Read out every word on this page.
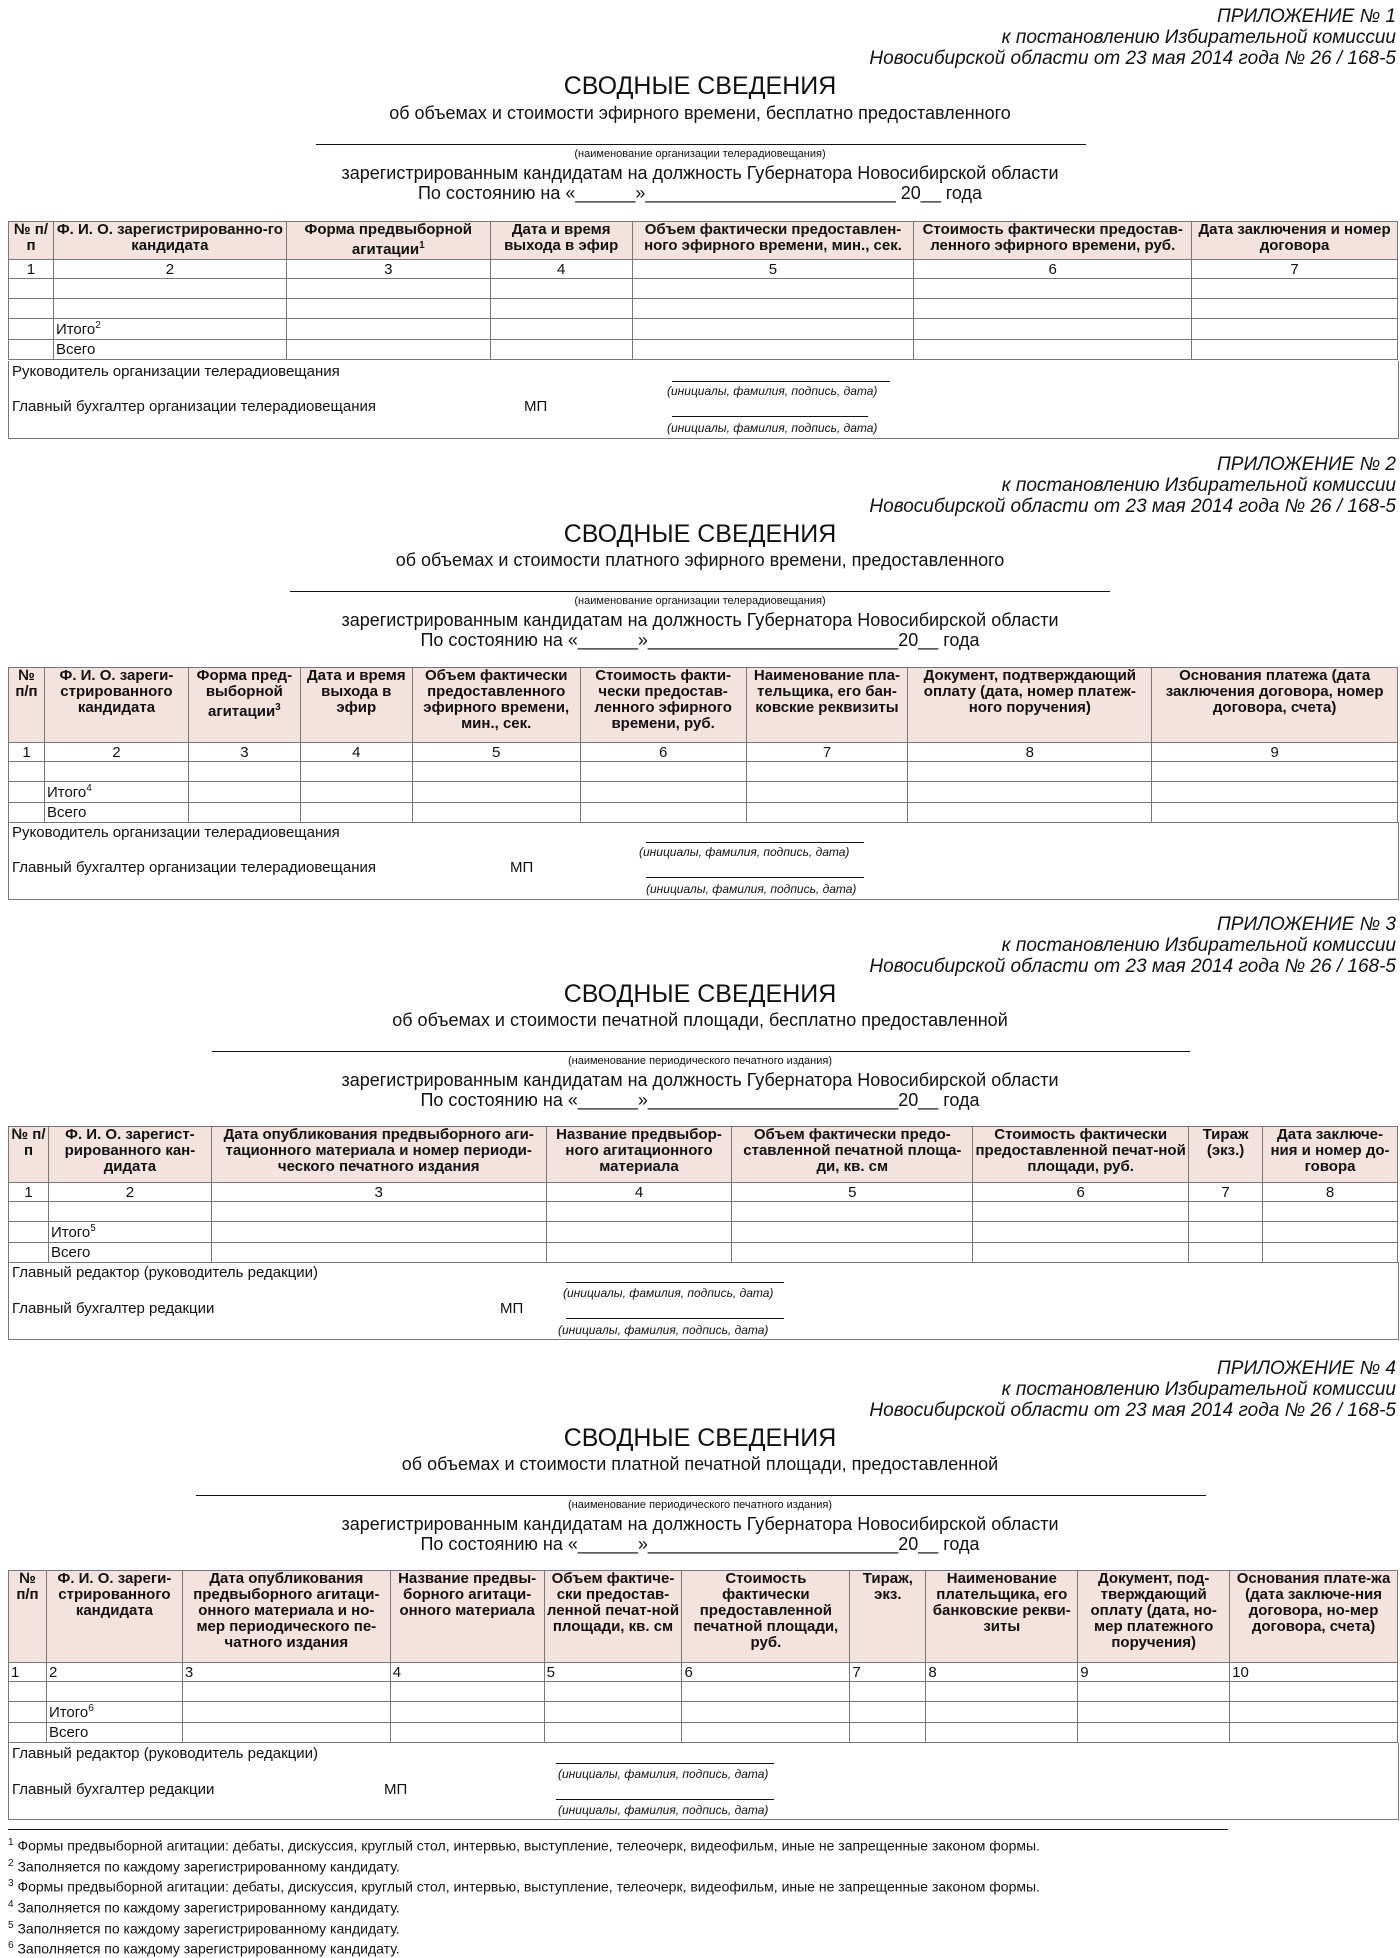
ПРИЛОЖЕНИЕ № 1
к постановлению Избирательной комиссии
Новосибирской области от 23 мая 2014 года № 26 / 168-5
СВОДНЫЕ СВЕДЕНИЯ
об объемах и стоимости эфирного времени, бесплатно предоставленного
(наименование организации телерадиовещания)
зарегистрированным кандидатам на должность Губернатора Новосибирской области
По состоянию на «______»_________________________ 20__ года
№ п/п	Ф. И. О. зарегистрированно-го кандидата	Форма предвыборной агитации$^1$	Дата и время выхода в эфир	Объем фактически предоставлен-ного эфирного времени, мин., сек.	Стоимость фактически предостав-ленного эфирного времени, руб.	Дата заключения и номер договора
1	2	3	4	5	6	7

	Итого$^2$					
	Всего					
Руководитель организации телерадиовещания
(инициалы, фамилия, подпись, дата)
Главный бухгалтер организации телерадиовещания	МП
(инициалы, фамилия, подпись, дата)
ПРИЛОЖЕНИЕ № 2
к постановлению Избирательной комиссии
Новосибирской области от 23 мая 2014 года № 26 / 168-5
СВОДНЫЕ СВЕДЕНИЯ
об объемах и стоимости платного эфирного времени, предоставленного
(наименование организации телерадиовещания)
зарегистрированным кандидатам на должность Губернатора Новосибирской области
По состоянию на «______»_________________________20__ года
№ п/п	Ф. И. О. зареги-стрированного кандидата	Форма пред-выборной агитации$^3$	Дата и время выхода в эфир	Объем фактически предоставленного эфирного времени, мин., сек.	Стоимость факти-чески предостав-ленного эфирного времени, руб.	Наименование пла-тельщика, его бан-ковские реквизиты	Документ, подтверждающий оплату (дата, номер платеж-ного поручения)	Основания платежа (дата заключения договора, номер договора, счета)
1	2	3	4	5	6	7	8	9

	Итого$^4$							
	Всего							
Руководитель организации телерадиовещания
(инициалы, фамилия, подпись, дата)
Главный бухгалтер организации телерадиовещания	МП
(инициалы, фамилия, подпись, дата)
ПРИЛОЖЕНИЕ № 3
к постановлению Избирательной комиссии
Новосибирской области от 23 мая 2014 года № 26 / 168-5
СВОДНЫЕ СВЕДЕНИЯ
об объемах и стоимости печатной площади, бесплатно предоставленной
(наименование периодического печатного издания)
зарегистрированным кандидатам на должность Губернатора Новосибирской области
По состоянию на «______»_________________________20__ года
№ п/п	Ф. И. О. зарегист-рированного кан-дидата	Дата опубликования предвыборного аги-тационного материала и номер периоди-ческого печатного издания	Название предвыбор-ного агитационного материала	Объем фактически предо-ставленной печатной площа-ди, кв. см	Стоимость фактически предоставленной печат-ной площади, руб.	Тираж (экз.)	Дата заключе-ния и номер до-говора
1	2	3	4	5	6	7	8

	Итого$^5$						
	Всего						
Главный редактор (руководитель редакции)
(инициалы, фамилия, подпись, дата)
Главный бухгалтер редакции	МП
(инициалы, фамилия, подпись, дата)
ПРИЛОЖЕНИЕ № 4
к постановлению Избирательной комиссии
Новосибирской области от 23 мая 2014 года № 26 / 168-5
СВОДНЫЕ СВЕДЕНИЯ
об объемах и стоимости платной печатной площади, предоставленной
(наименование периодического печатного издания)
зарегистрированным кандидатам на должность Губернатора Новосибирской области
По состоянию на «______»_________________________20__ года
№ п/п	Ф. И. О. зареги-стрированного кандидата	Дата опубликования предвыборного агитаци-онного материала и но-мер периодического пе-чатного издания	Название предвы-борного агитаци-онного материала	Объем фактиче-ски предостав-ленной печат-ной площади, кв. см	Стоимость фактически предоставленной печатной площади, руб.	Тираж, экз.	Наименование плательщика, его банковские рекви-зиты	Документ, под-тверждающий оплату (дата, но-мер платежного поручения)	Основания плате-жа (дата заключе-ния договора, но-мер договора, счета)
1	2	3	4	5	6	7	8	9	10

	Итого$^6$								
	Всего								
Главный редактор (руководитель редакции)
(инициалы, фамилия, подпись, дата)
Главный бухгалтер редакции	МП
(инициалы, фамилия, подпись, дата)
$^1$ Формы предвыборной агитации: дебаты, дискуссия, круглый стол, интервью, выступление, телеочерк, видеофильм, иные не запрещенные законом формы.
$^2$ Заполняется по каждому зарегистрированному кандидату.
$^3$ Формы предвыборной агитации: дебаты, дискуссия, круглый стол, интервью, выступление, телеочерк, видеофильм, иные не запрещенные законом формы.
$^4$ Заполняется по каждому зарегистрированному кандидату.
$^5$ Заполняется по каждому зарегистрированному кандидату.
$^6$ Заполняется по каждому зарегистрированному кандидату.
